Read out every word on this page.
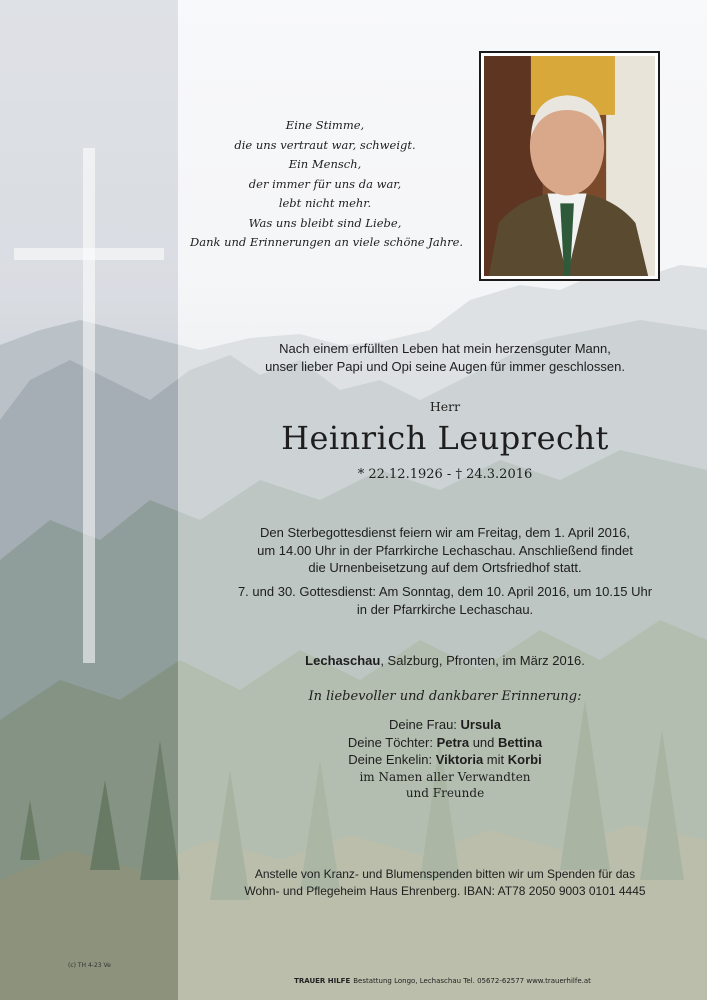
Eine Stimme,
die uns vertraut war, schweigt.
Ein Mensch,
der immer für uns da war,
lebt nicht mehr.
Was uns bleibt sind Liebe,
Dank und Erinnerungen an viele schöne Jahre.
Nach einem erfüllten Leben hat mein herzensguter Mann,
unser lieber Papi und Opi seine Augen für immer geschlossen.
Herr
Heinrich Leuprecht
* 22.12.1926 - † 24.3.2016
Den Sterbegottesdienst feiern wir am Freitag, dem 1. April 2016,
um 14.00 Uhr in der Pfarrkirche Lechaschau. Anschließend findet
die Urnenbeisetzung auf dem Ortsfriedhof statt.
7. und 30. Gottesdienst: Am Sonntag, dem 10. April 2016, um 10.15 Uhr
in der Pfarrkirche Lechaschau.
Lechaschau, Salzburg, Pfronten, im März 2016.
In liebevoller und dankbarer Erinnerung:
Deine Frau: Ursula
Deine Töchter: Petra und Bettina
Deine Enkelin: Viktoria mit Korbi
im Namen aller Verwandten
und Freunde
Anstelle von Kranz- und Blumenspenden bitten wir um Spenden für das
Wohn- und Pflegeheim Haus Ehrenberg. IBAN: AT78 2050 9003 0101 4445
(c) TH 4-23 Ve
TRAUER HILFE Bestattung Longo, Lechaschau Tel. 05672-62577 www.trauerhilfe.at
